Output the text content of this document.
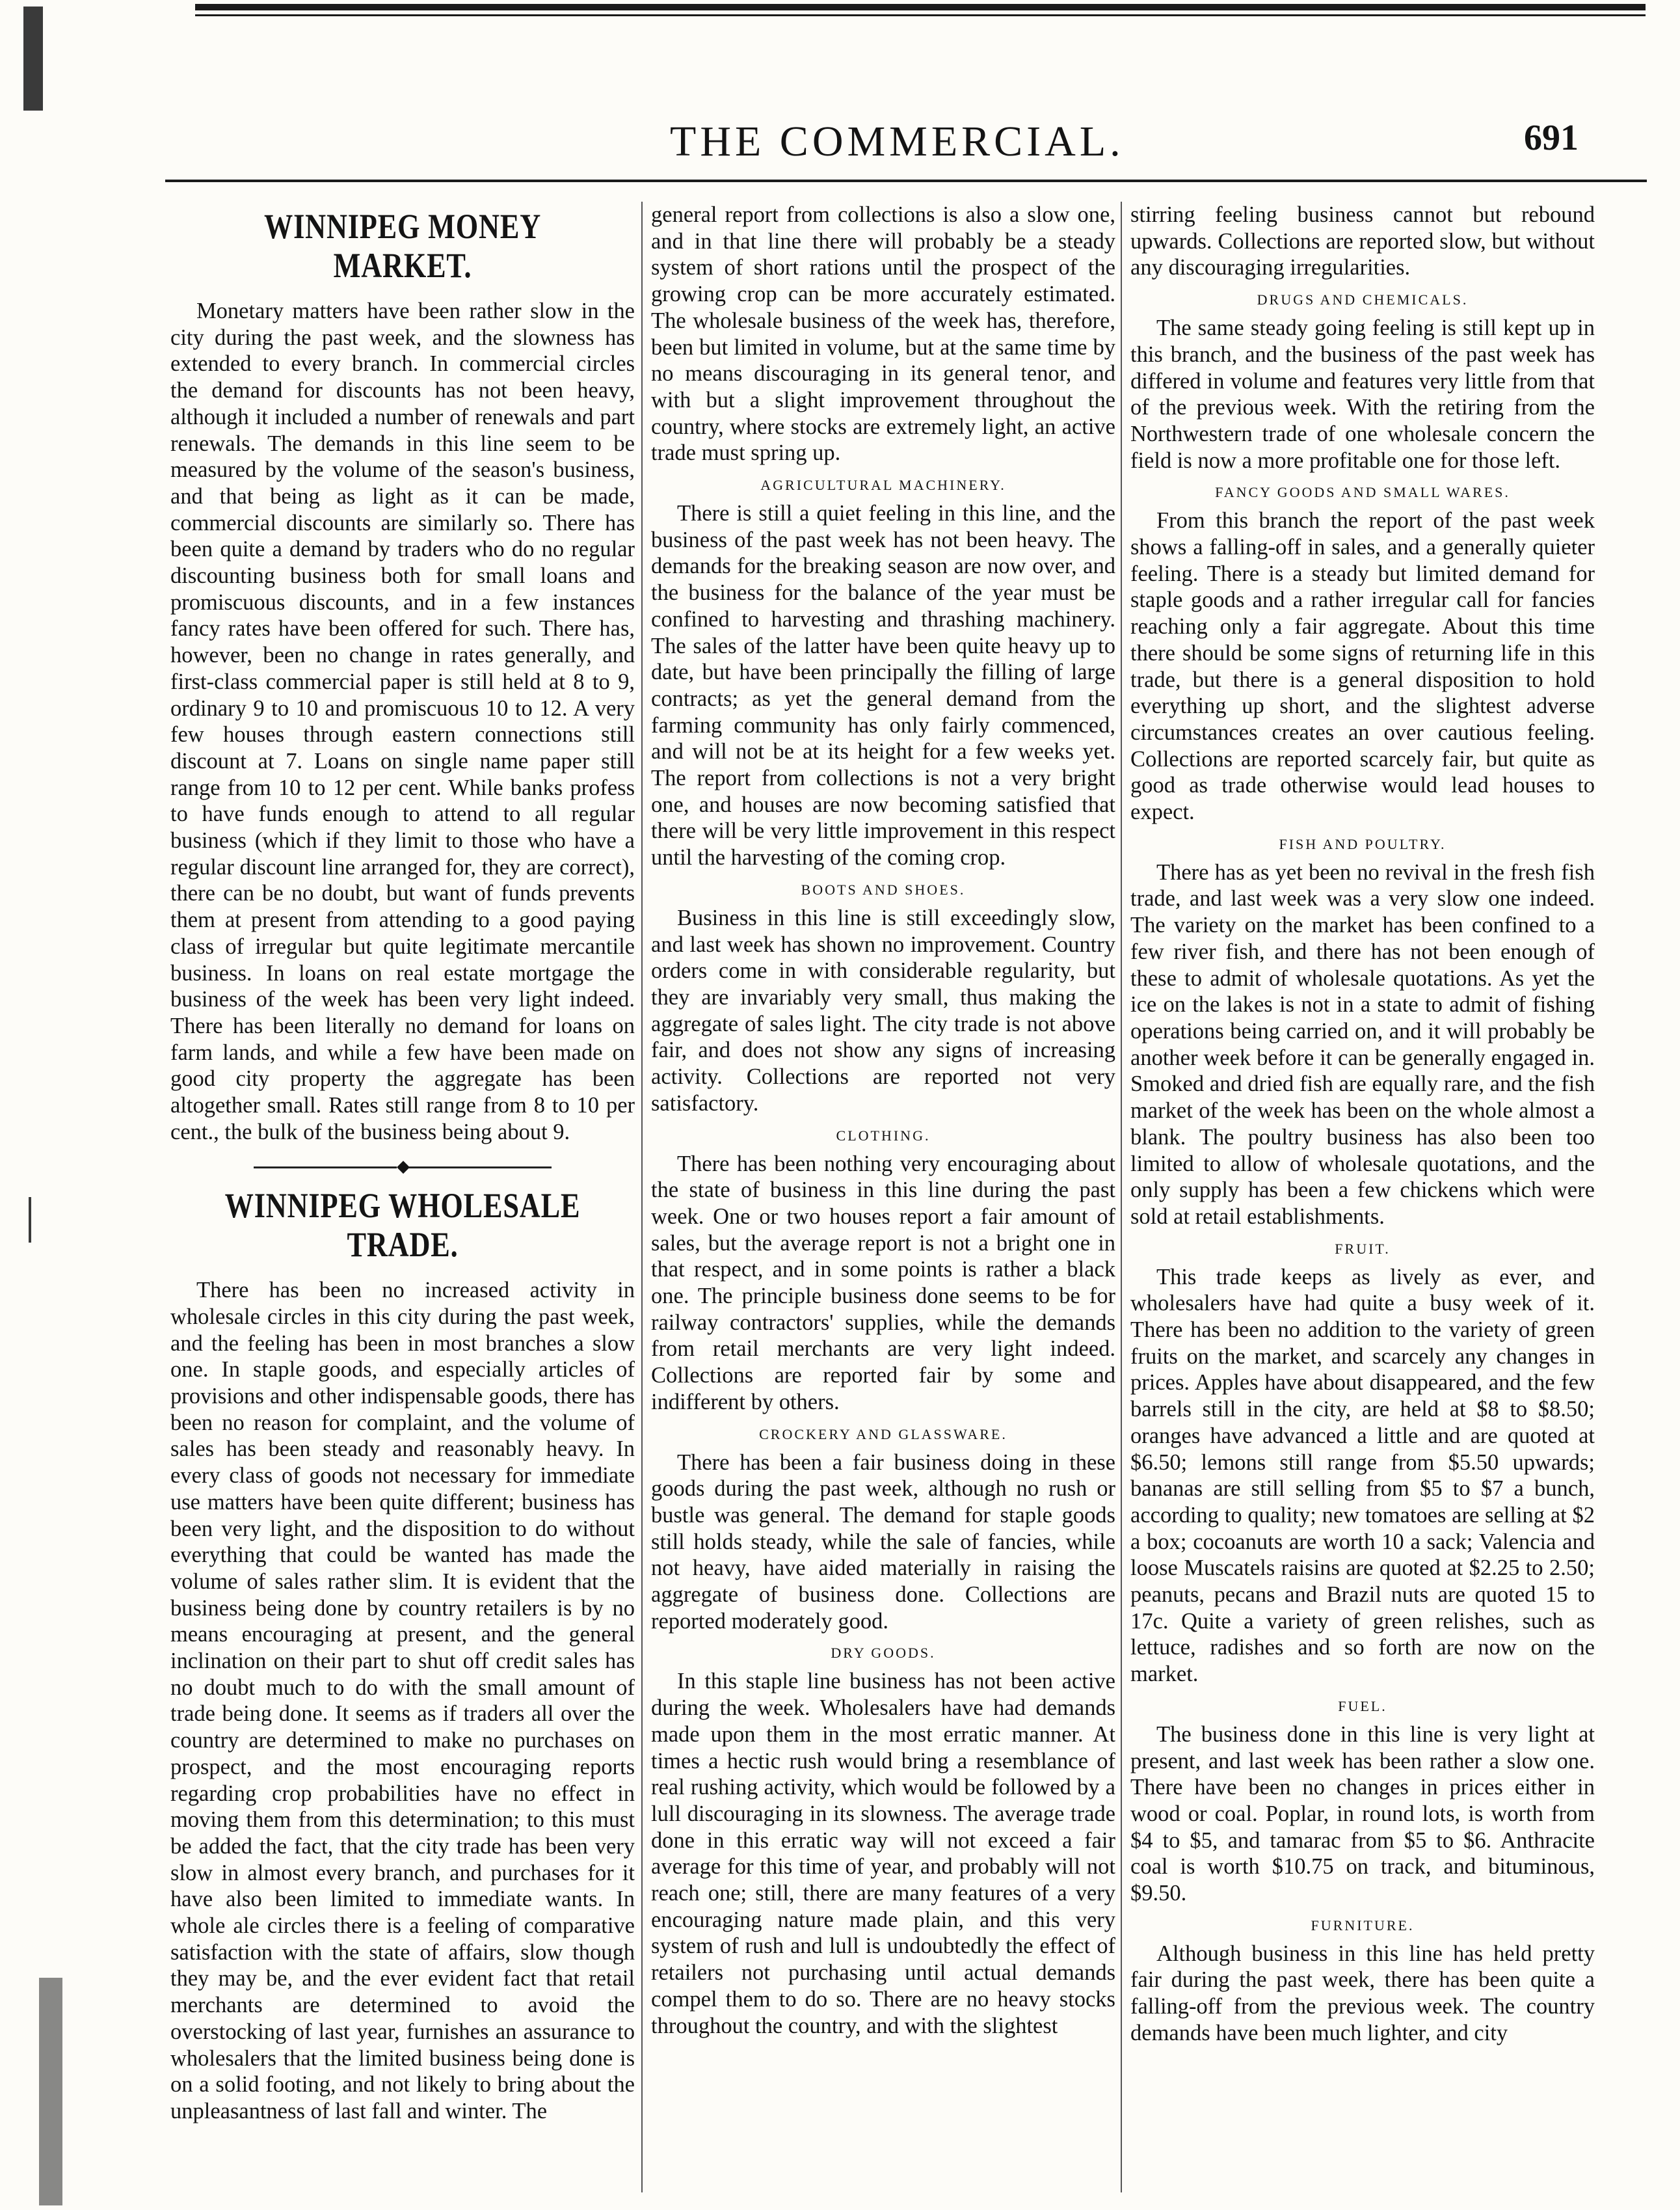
THE COMMERCIAL.	691
WINNIPEG MONEY MARKET.

Monetary matters have been rather slow in the city during the past week, and the slowness has extended to every branch. In commercial circles the demand for discounts has not been heavy, although it included a number of renewals and part renewals. The demands in this line seem to be measured by the volume of the season's business, and that being as light as it can be made, commercial discounts are similarly so. There has been quite a demand by traders who do no regular discounting business both for small loans and promiscuous discounts, and in a few instances fancy rates have been offered for such. There has, however, been no change in rates generally, and first-class commercial paper is still held at 8 to 9, ordinary 9 to 10 and promiscuous 10 to 12. A very few houses through eastern connections still discount at 7. Loans on single name paper still range from 10 to 12 per cent. While banks profess to have funds enough to attend to all regular business (which if they limit to those who have a regular discount line arranged for, they are correct), there can be no doubt, but want of funds prevents them at present from attending to a good paying class of irregular but quite legitimate mercantile business. In loans on real estate mortgage the business of the week has been very light indeed. There has been literally no demand for loans on farm lands, and while a few have been made on good city property the aggregate has been altogether small. Rates still range from 8 to 10 per cent., the bulk of the business being about 9.

◆
WINNIPEG WHOLESALE TRADE.

There has been no increased activity in wholesale circles in this city during the past week, and the feeling has been in most branches a slow one. In staple goods, and especially articles of provisions and other indispensable goods, there has been no reason for complaint, and the volume of sales has been steady and reasonably heavy. In every class of goods not necessary for immediate use matters have been quite different; business has been very light, and the disposition to do without everything that could be wanted has made the volume of sales rather slim. It is evident that the business being done by country retailers is by no means encouraging at present, and the general inclination on their part to shut off credit sales has no doubt much to do with the small amount of trade being done. It seems as if traders all over the country are determined to make no purchases on prospect, and the most encouraging reports regarding crop probabilities have no effect in moving them from this determination; to this must be added the fact, that the city trade has been very slow in almost every branch, and purchases for it have also been limited to immediate wants. In whole ale circles there is a feeling of comparative satisfaction with the state of affairs, slow though they may be, and the ever evident fact that retail merchants are determined to avoid the overstocking of last year, furnishes an assurance to wholesalers that the limited business being done is on a solid footing, and not likely to bring about the unpleasantness of last fall and winter. The

general report from collections is also a slow one, and in that line there will probably be a steady system of short rations until the prospect of the growing crop can be more accurately estimated. The wholesale business of the week has, therefore, been but limited in volume, but at the same time by no means discouraging in its general tenor, and with but a slight improvement throughout the country, where stocks are extremely light, an active trade must spring up.

AGRICULTURAL MACHINERY.

There is still a quiet feeling in this line, and the business of the past week has not been heavy. The demands for the breaking season are now over, and the business for the balance of the year must be confined to harvesting and thrashing machinery. The sales of the latter have been quite heavy up to date, but have been principally the filling of large contracts; as yet the general demand from the farming community has only fairly commenced, and will not be at its height for a few weeks yet. The report from collections is not a very bright one, and houses are now becoming satisfied that there will be very little improvement in this respect until the harvesting of the coming crop.

BOOTS AND SHOES.

Business in this line is still exceedingly slow, and last week has shown no improvement. Country orders come in with considerable regularity, but they are invariably very small, thus making the aggregate of sales light. The city trade is not above fair, and does not show any signs of increasing activity. Collections are reported not very satisfactory.

CLOTHING.

There has been nothing very encouraging about the state of business in this line during the past week. One or two houses report a fair amount of sales, but the average report is not a bright one in that respect, and in some points is rather a black one. The principle business done seems to be for railway contractors' supplies, while the demands from retail merchants are very light indeed. Collections are reported fair by some and indifferent by others.

CROCKERY AND GLASSWARE.

There has been a fair business doing in these goods during the past week, although no rush or bustle was general. The demand for staple goods still holds steady, while the sale of fancies, while not heavy, have aided materially in raising the aggregate of business done. Collections are reported moderately good.

DRY GOODS.

In this staple line business has not been active during the week. Wholesalers have had demands made upon them in the most erratic manner. At times a hectic rush would bring a resemblance of real rushing activity, which would be followed by a lull discouraging in its slowness. The average trade done in this erratic way will not exceed a fair average for this time of year, and probably will not reach one; still, there are many features of a very encouraging nature made plain, and this very system of rush and lull is undoubtedly the effect of retailers not purchasing until actual demands compel them to do so. There are no heavy stocks throughout the country, and with the slightest

stirring feeling business cannot but rebound upwards. Collections are reported slow, but without any discouraging irregularities.

DRUGS AND CHEMICALS.

The same steady going feeling is still kept up in this branch, and the business of the past week has differed in volume and features very little from that of the previous week. With the retiring from the Northwestern trade of one wholesale concern the field is now a more profitable one for those left.

FANCY GOODS AND SMALL WARES.

From this branch the report of the past week shows a falling-off in sales, and a generally quieter feeling. There is a steady but limited demand for staple goods and a rather irregular call for fancies reaching only a fair aggregate. About this time there should be some signs of returning life in this trade, but there is a general disposition to hold everything up short, and the slightest adverse circumstances creates an over cautious feeling. Collections are reported scarcely fair, but quite as good as trade otherwise would lead houses to expect.

FISH AND POULTRY.

There has as yet been no revival in the fresh fish trade, and last week was a very slow one indeed. The variety on the market has been confined to a few river fish, and there has not been enough of these to admit of wholesale quotations. As yet the ice on the lakes is not in a state to admit of fishing operations being carried on, and it will probably be another week before it can be generally engaged in. Smoked and dried fish are equally rare, and the fish market of the week has been on the whole almost a blank. The poultry business has also been too limited to allow of wholesale quotations, and the only supply has been a few chickens which were sold at retail establishments.

FRUIT.

This trade keeps as lively as ever, and wholesalers have had quite a busy week of it. There has been no addition to the variety of green fruits on the market, and scarcely any changes in prices. Apples have about disappeared, and the few barrels still in the city, are held at $8 to $8.50; oranges have advanced a little and are quoted at $6.50; lemons still range from $5.50 upwards; bananas are still selling from $5 to $7 a bunch, according to quality; new tomatoes are selling at $2 a box; cocoanuts are worth 10 a sack; Valencia and loose Muscatels raisins are quoted at $2.25 to 2.50; peanuts, pecans and Brazil nuts are quoted 15 to 17c. Quite a variety of green relishes, such as lettuce, radishes and so forth are now on the market.

FUEL.

The business done in this line is very light at present, and last week has been rather a slow one. There have been no changes in prices either in wood or coal. Poplar, in round lots, is worth from $4 to $5, and tamarac from $5 to $6. Anthracite coal is worth $10.75 on track, and bituminous, $9.50.

FURNITURE.

Although business in this line has held pretty fair during the past week, there has been quite a falling-off from the previous week. The country demands have been much lighter, and city
